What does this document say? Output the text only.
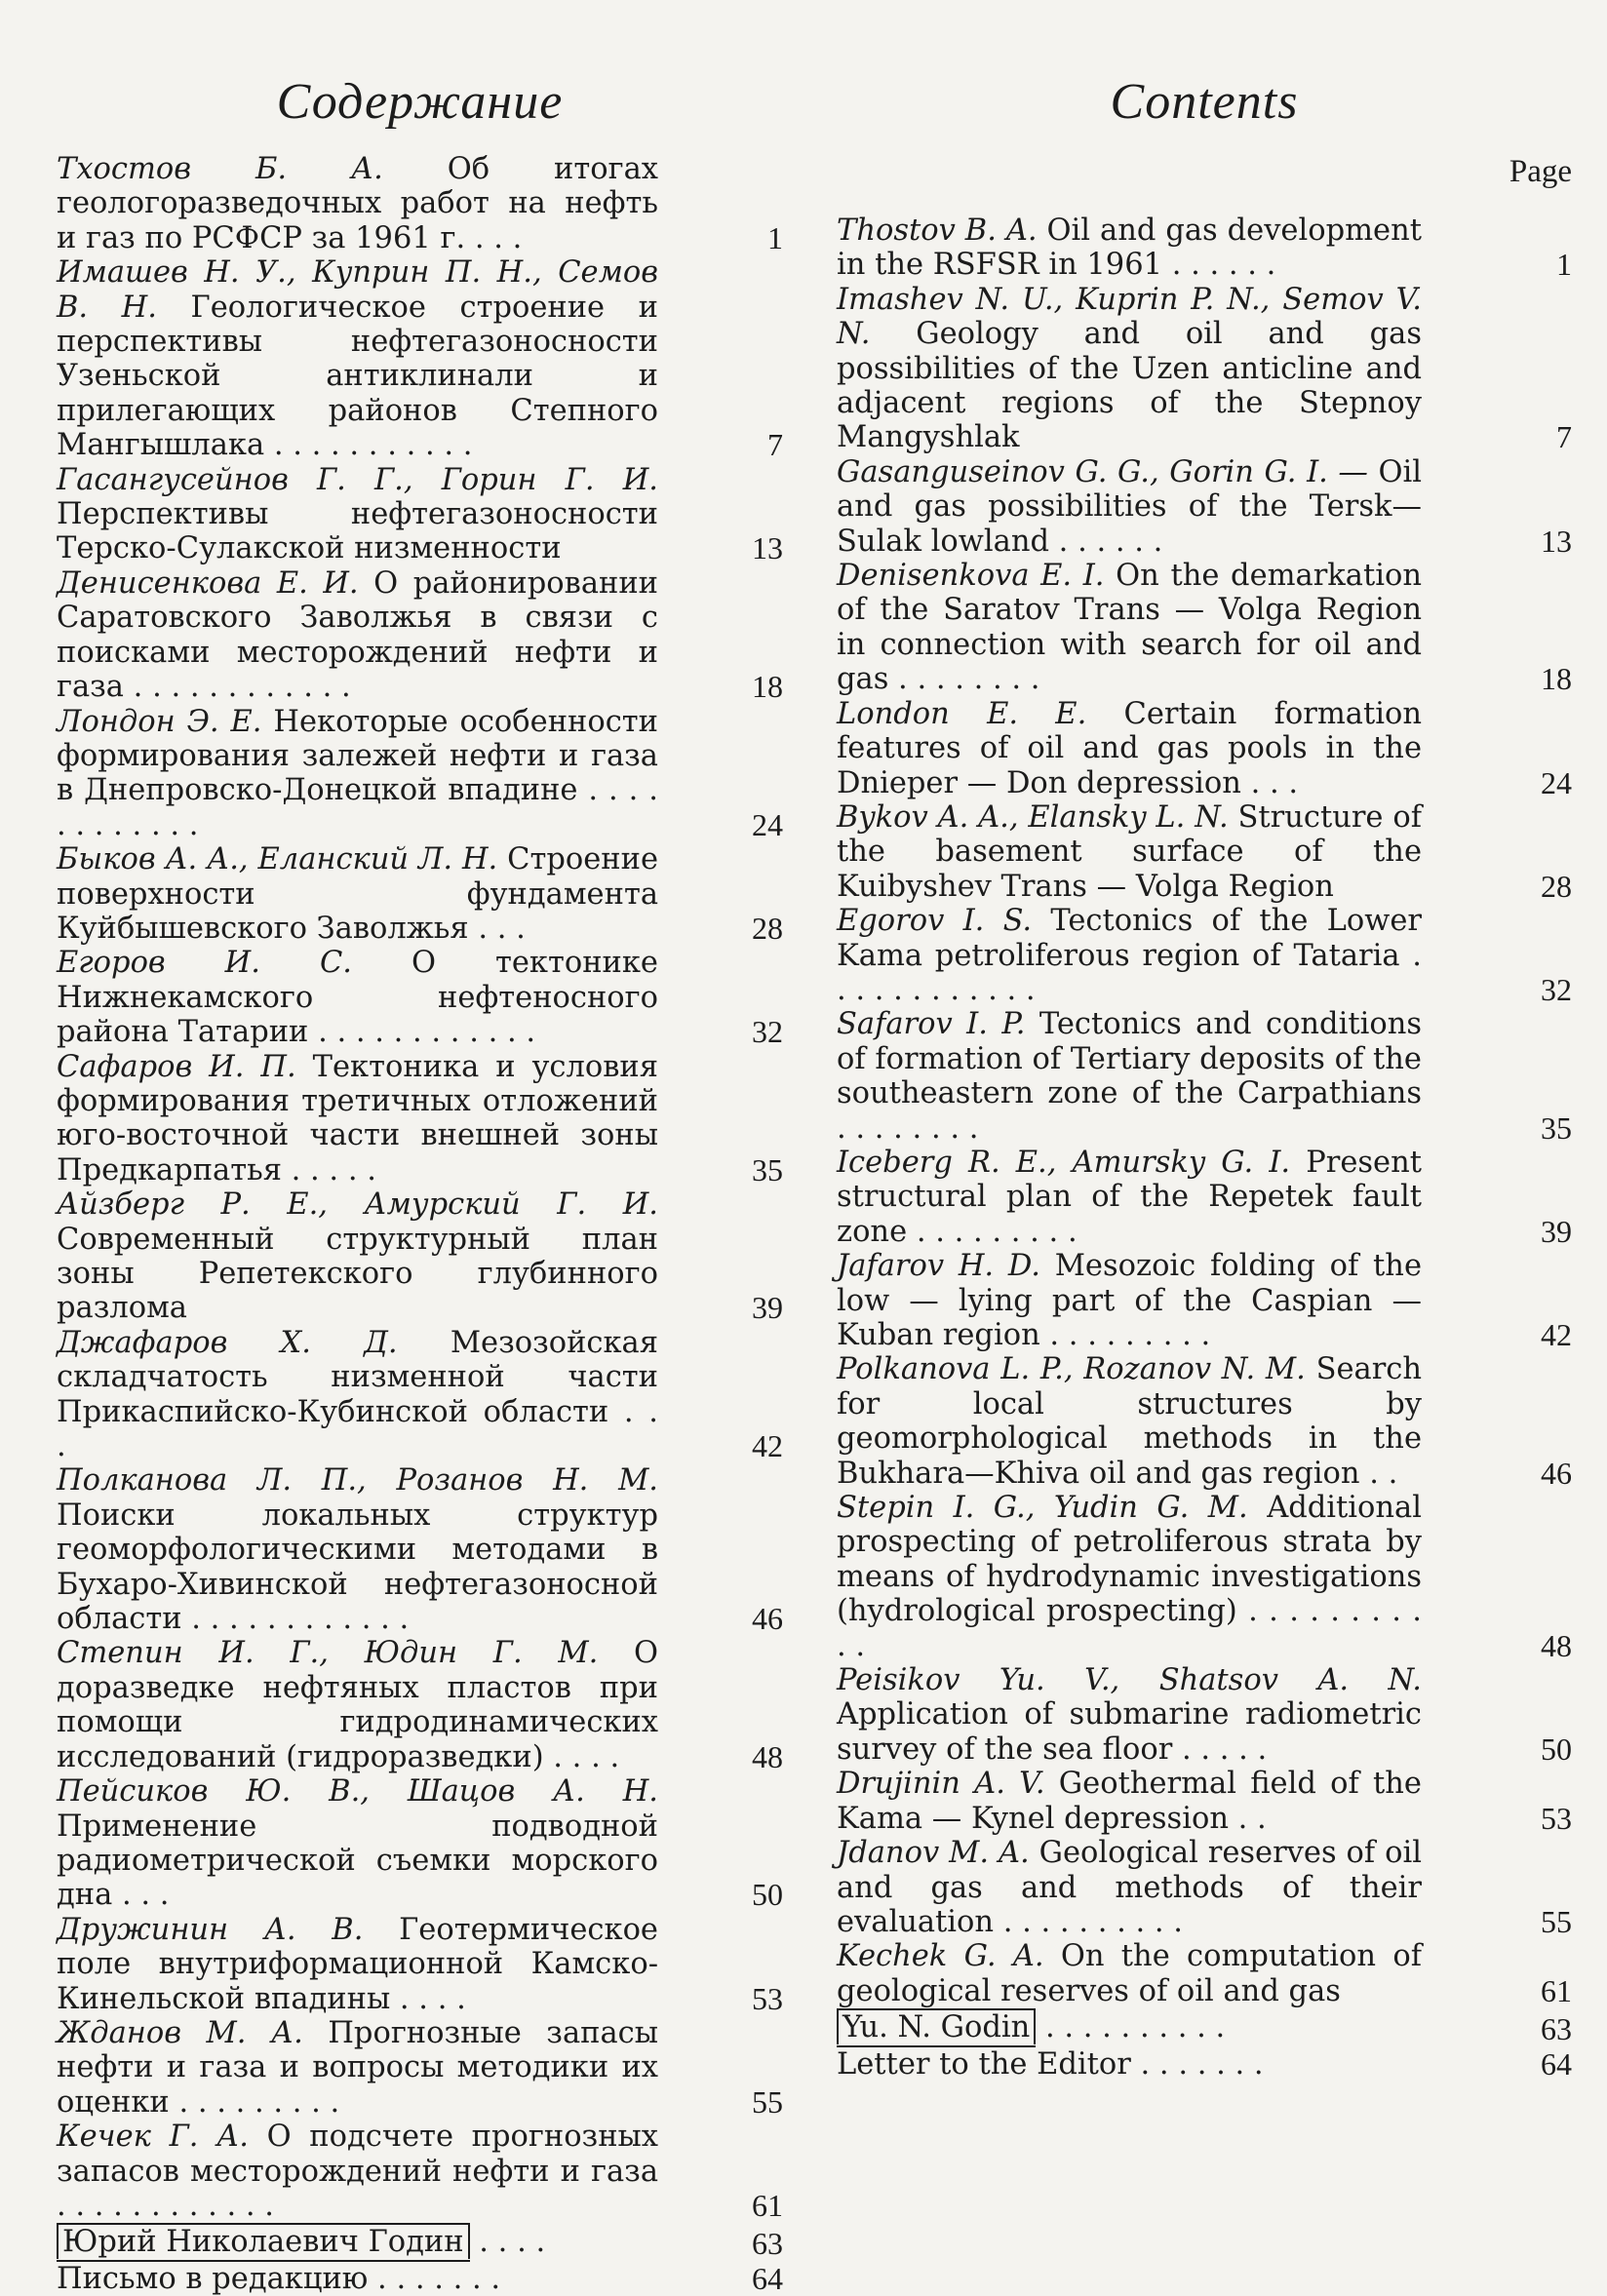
Содержание
Тхостов Б. А. Об итогах геологоразведочных работ на нефть и газ по РСФСР за 1961 г. . . .	1
Имашев Н. У., Куприн П. Н., Семов В. Н. Геологическое строение и перспективы нефтегазоносности Узеньской антиклинали и прилегающих районов Степного Мангышлака . . . . . . . . . . .	7
Гасангусейнов Г. Г., Горин Г. И. Перспективы нефтегазоносности Терско-Сулакской низменности	13
Денисенкова Е. И. О районировании Саратовского Заволжья в связи с поисками месторождений нефти и газа . . . . . . . . . . . .	18
Лондон Э. Е. Некоторые особенности формирования залежей нефти и газа в Днепровско-Донецкой впадине . . . . . . . . . . . .	24
Быков А. А., Еланский Л. Н. Строение поверхности фундамента Куйбышевского Заволжья . . .	28
Егоров И. С. О тектонике Нижнекамского нефтеносного района Татарии . . . . . . . . . . . .	32
Сафаров И. П. Тектоника и условия формирования третичных отложений юго-восточной части внешней зоны Предкарпатья . . . . .	35
Айзберг Р. Е., Амурский Г. И. Современный структурный план зоны Репетекского глубинного разлома	39
Джафаров Х. Д. Мезозойская складчатость низменной части Прикаспийско-Кубинской области . . .	42
Полканова Л. П., Розанов Н. М. Поиски локальных структур геоморфологическими методами в Бухаро-Хивинской нефтегазоносной области . . . . . . . . . . . .	46
Степин И. Г., Юдин Г. М. О доразведке нефтяных пластов при помощи гидродинамических исследований (гидроразведки) . . . .	48
Пейсиков Ю. В., Шацов А. Н. Применение подводной радиометрической съемки морского дна . . .	50
Дружинин А. В. Геотермическое поле внутриформационной Камско-Кинельской впадины . . . .	53
Жданов М. А. Прогнозные запасы нефти и газа и вопросы методики их оценки . . . . . . . . .	55
Кечек Г. А. О подсчете прогнозных запасов месторождений нефти и газа . . . . . . . . . . . .	61
Юрий Николаевич Годин . . . .	63
Письмо в редакцию . . . . . . .	64
Contents
Page
Thostov B. A. Oil and gas development in the RSFSR in 1961 . . . . . .	1
Imashev N. U., Kuprin P. N., Semov V. N. Geology and oil and gas possibilities of the Uzen anticline and adjacent regions of the Stepnoy Mangyshlak	7
Gasanguseinov G. G., Gorin G. I. — Oil and gas possibilities of the Tersk—Sulak lowland . . . . . .	13
Denisenkova E. I. On the demarkation of the Saratov Trans — Volga Region in connection with search for oil and gas . . . . . . . .	18
London E. E. Certain formation features of oil and gas pools in the Dnieper — Don depression . . .	24
Bykov A. A., Elansky L. N. Structure of the basement surface of the Kuibyshev Trans — Volga Region	28
Egorov I. S. Tectonics of the Lower Kama petroliferous region of Tataria . . . . . . . . . . . .	32
Safarov I. P. Tectonics and conditions of formation of Tertiary deposits of the southeastern zone of the Carpathians . . . . . . . .	35
Iceberg R. E., Amursky G. I. Present structural plan of the Repetek fault zone . . . . . . . . .	39
Jafarov H. D. Mesozoic folding of the low — lying part of the Caspian — Kuban region . . . . . . . . .	42
Polkanova L. P., Rozanov N. M. Search for local structures by geomorphological methods in the Bukhara—Khiva oil and gas region . .	46
Stepin I. G., Yudin G. M. Additional prospecting of petroliferous strata by means of hydrodynamic investigations (hydrological prospecting) . . . . . . . . . . .	48
Peisikov Yu. V., Shatsov A. N. Application of submarine radiometric survey of the sea floor . . . . .	50
Drujinin A. V. Geothermal field of the Kama — Kynel depression . .	53
Jdanov M. A. Geological reserves of oil and gas and methods of their evaluation . . . . . . . . . .	55
Kechek G. A. On the computation of geological reserves of oil and gas	61
Yu. N. Godin . . . . . . . . . .	63
Letter to the Editor . . . . . . .	64
